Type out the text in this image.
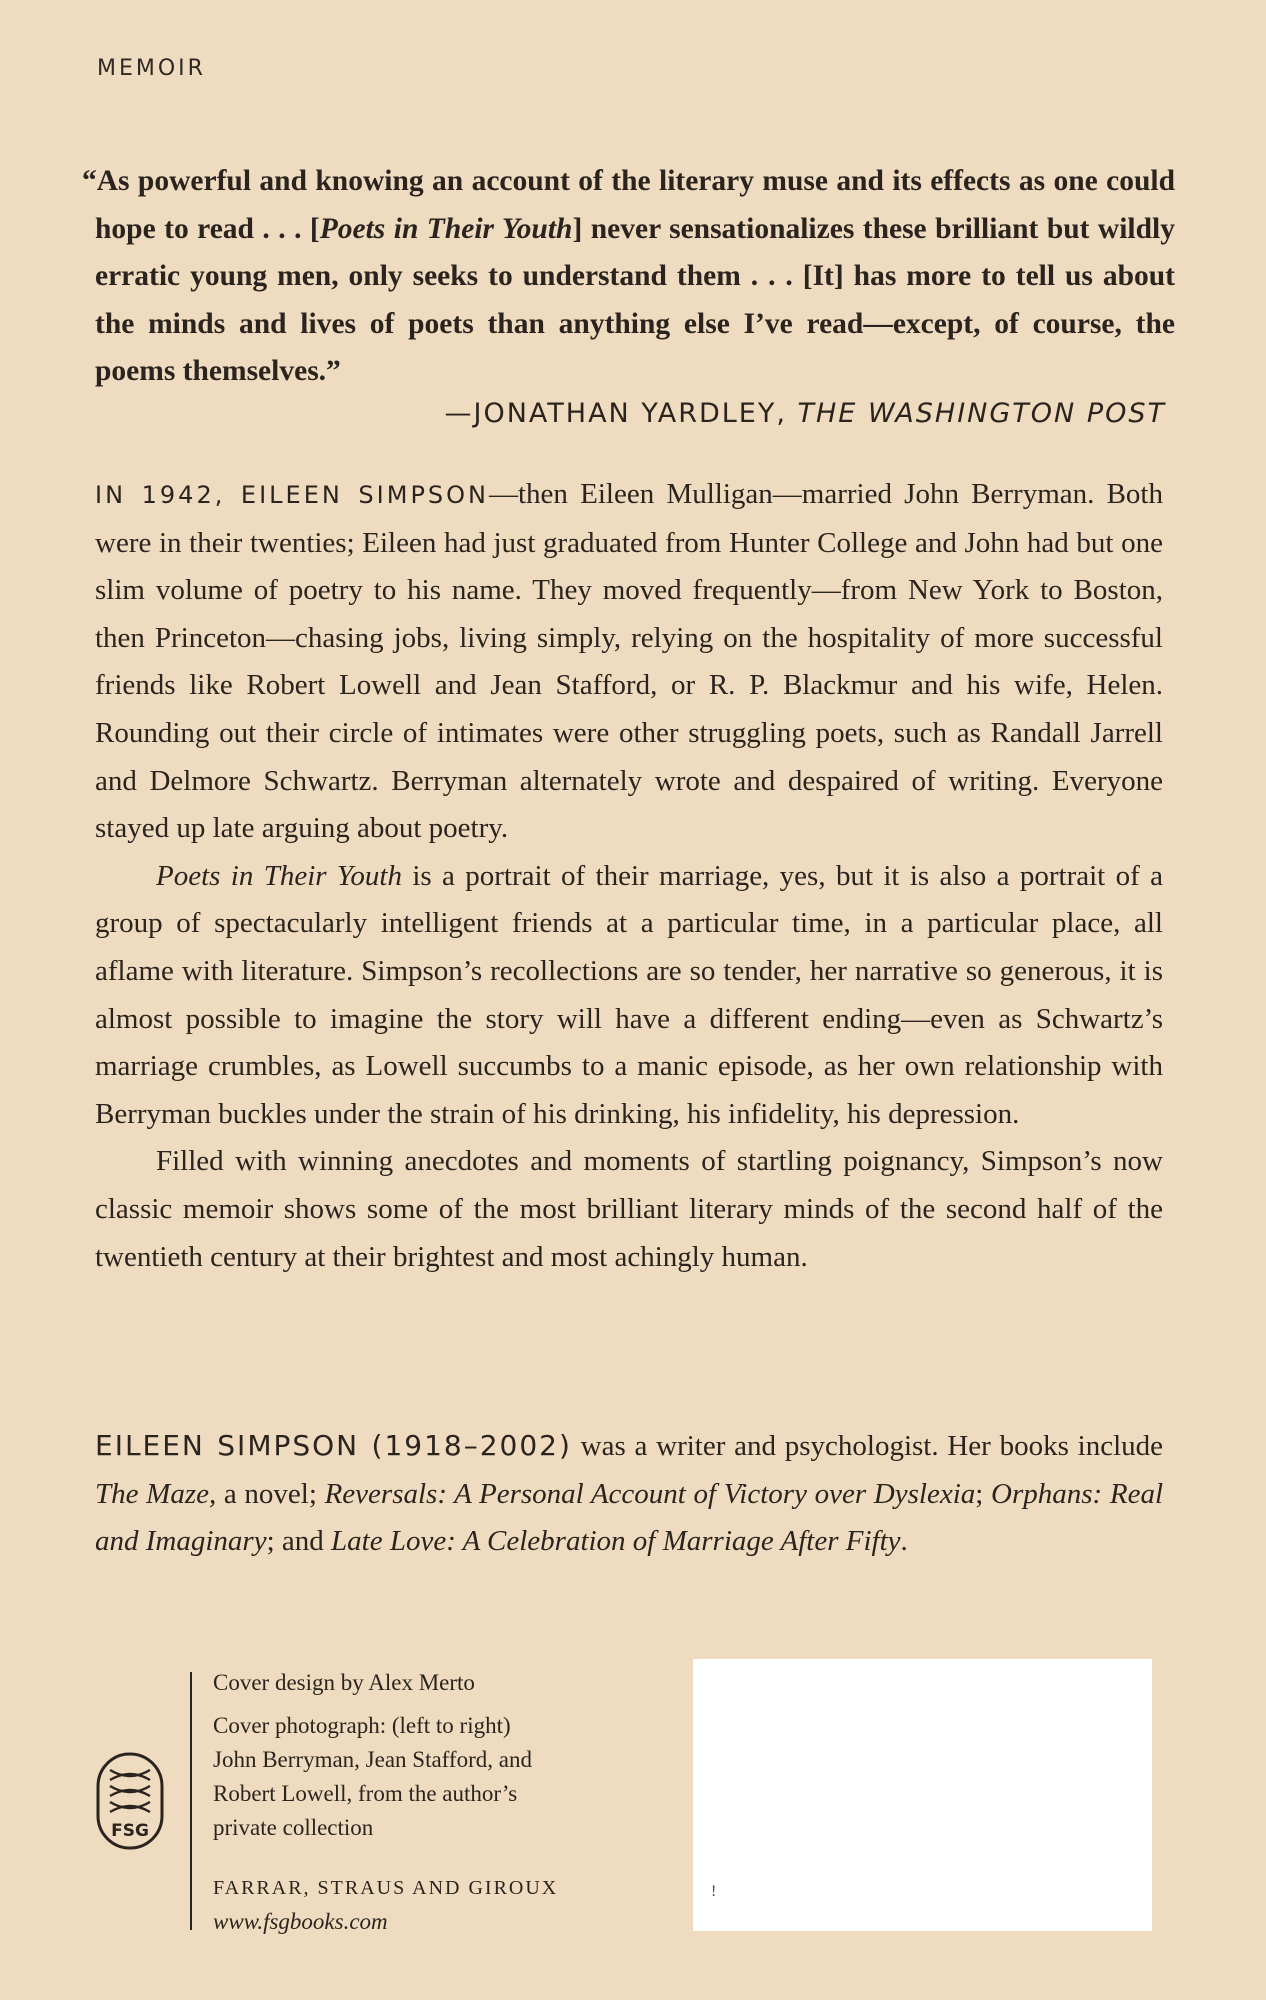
MEMOIR
“As powerful and knowing an account of the literary muse and its effects as one could hope to read . . . [Poets in Their Youth] never sensationalizes these brilliant but wildly erratic young men, only seeks to understand them . . . [It] has more to tell us about the minds and lives of poets than anything else I’ve read—except, of course, the poems themselves.”
—JONATHAN YARDLEY, THE WASHINGTON POST

IN 1942, EILEEN SIMPSON—then Eileen Mulligan—married John Berryman. Both were in their twenties; Eileen had just graduated from Hunter College and John had but one slim volume of poetry to his name. They moved frequently—from New York to Boston, then Princeton—chasing jobs, living simply, relying on the hospitality of more successful friends like Robert Lowell and Jean Stafford, or R. P. Blackmur and his wife, Helen. Rounding out their circle of intimates were other struggling poets, such as Randall Jarrell and Delmore Schwartz. Berryman alternately wrote and despaired of writing. Everyone stayed up late arguing about poetry.

Poets in Their Youth is a portrait of their marriage, yes, but it is also a portrait of a group of spectacularly intelligent friends at a particular time, in a particular place, all aflame with literature. Simpson’s recollections are so tender, her narrative so generous, it is almost possible to imagine the story will have a different ending—even as Schwartz’s marriage crumbles, as Lowell succumbs to a manic episode, as her own relationship with Berryman buckles under the strain of his drinking, his infidelity, his depression.

Filled with winning anecdotes and moments of startling poignancy, Simpson’s now classic memoir shows some of the most brilliant literary minds of the second half of the twentieth century at their brightest and most achingly human.

EILEEN SIMPSON (1918–2002) was a writer and psychologist. Her books include The Maze, a novel; Reversals: A Personal Account of Victory over Dyslexia; Orphans: Real and Imaginary; and Late Love: A Celebration of Marriage After Fifty.
FSG

Cover design by Alex Merto

Cover photograph: (left to right)

John Berryman, Jean Stafford, and

Robert Lowell, from the author’s

private collection

FARRAR, STRAUS AND GIROUX

www.fsgbooks.com

!
